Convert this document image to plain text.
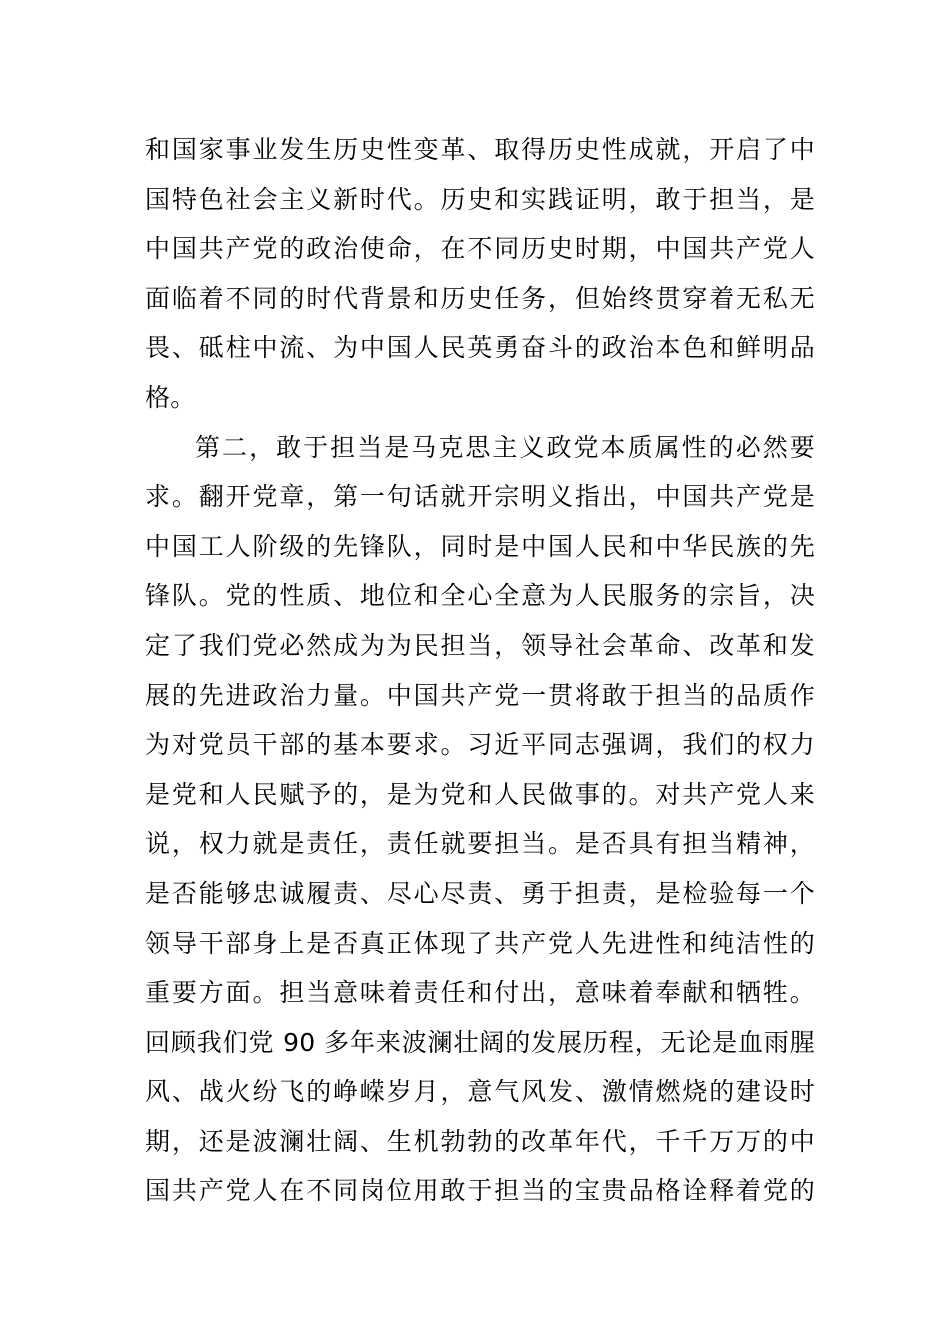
和国家事业发生历史性变革、取得历史性成就，开启了中
国特色社会主义新时代。历史和实践证明，敢于担当，是
中国共产党的政治使命，在不同历史时期，中国共产党人
面临着不同的时代背景和历史任务，但始终贯穿着无私无
畏、砥柱中流、为中国人民英勇奋斗的政治本色和鲜明品
格。
第二，敢于担当是马克思主义政党本质属性的必然要
求。翻开党章，第一句话就开宗明义指出，中国共产党是
中国工人阶级的先锋队，同时是中国人民和中华民族的先
锋队。党的性质、地位和全心全意为人民服务的宗旨，决
定了我们党必然成为为民担当，领导社会革命、改革和发
展的先进政治力量。中国共产党一贯将敢于担当的品质作
为对党员干部的基本要求。习近平同志强调，我们的权力
是党和人民赋予的，是为党和人民做事的。对共产党人来
说，权力就是责任，责任就要担当。是否具有担当精神，
是否能够忠诚履责、尽心尽责、勇于担责，是检验每一个
领导干部身上是否真正体现了共产党人先进性和纯洁性的
重要方面。担当意味着责任和付出，意味着奉献和牺牲。
回顾我们党 90 多年来波澜壮阔的发展历程，无论是血雨腥
风、战火纷飞的峥嵘岁月，意气风发、激情燃烧的建设时
期，还是波澜壮阔、生机勃勃的改革年代，千千万万的中
国共产党人在不同岗位用敢于担当的宝贵品格诠释着党的
